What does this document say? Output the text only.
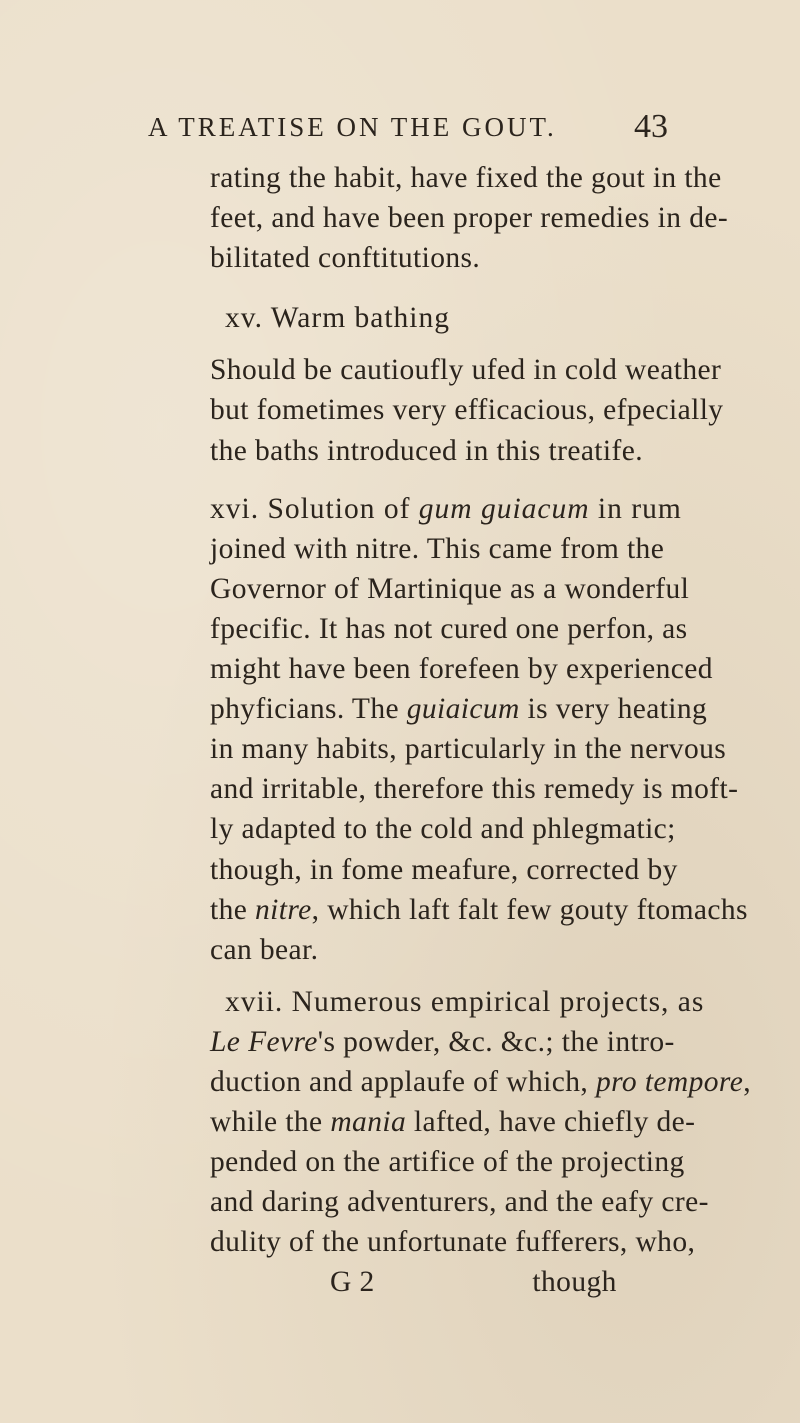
A TREATISE ON THE GOUT. 43
rating the habit, have fixed the gout in the
feet, and have been proper remedies in de-
bilitated conftitutions.
xv. Warm bathing
Should be cautioufly ufed in cold weather
but fometimes very efficacious, efpecially
the baths introduced in this treatife.
xvi. Solution of gum guiacum in rum
joined with nitre. This came from the
Governor of Martinique as a wonderful
fpecific. It has not cured one perfon, as
might have been forefeen by experienced
phyficians. The guiaicum is very heating
in many habits, particularly in the nervous
and irritable, therefore this remedy is moft-
ly adapted to the cold and phlegmatic;
though, in fome meafure, corrected by
the nitre, which laft falt few gouty ftomachs
can bear.
xvii. Numerous empirical projects, as
Le Fevre's powder, &c. &c.; the intro-
duction and applaufe of which, pro tempore,
while the mania lafted, have chiefly de-
pended on the artifice of the projecting
and daring adventurers, and the eafy cre-
dulity of the unfortunate fufferers, who,
G 2	though
